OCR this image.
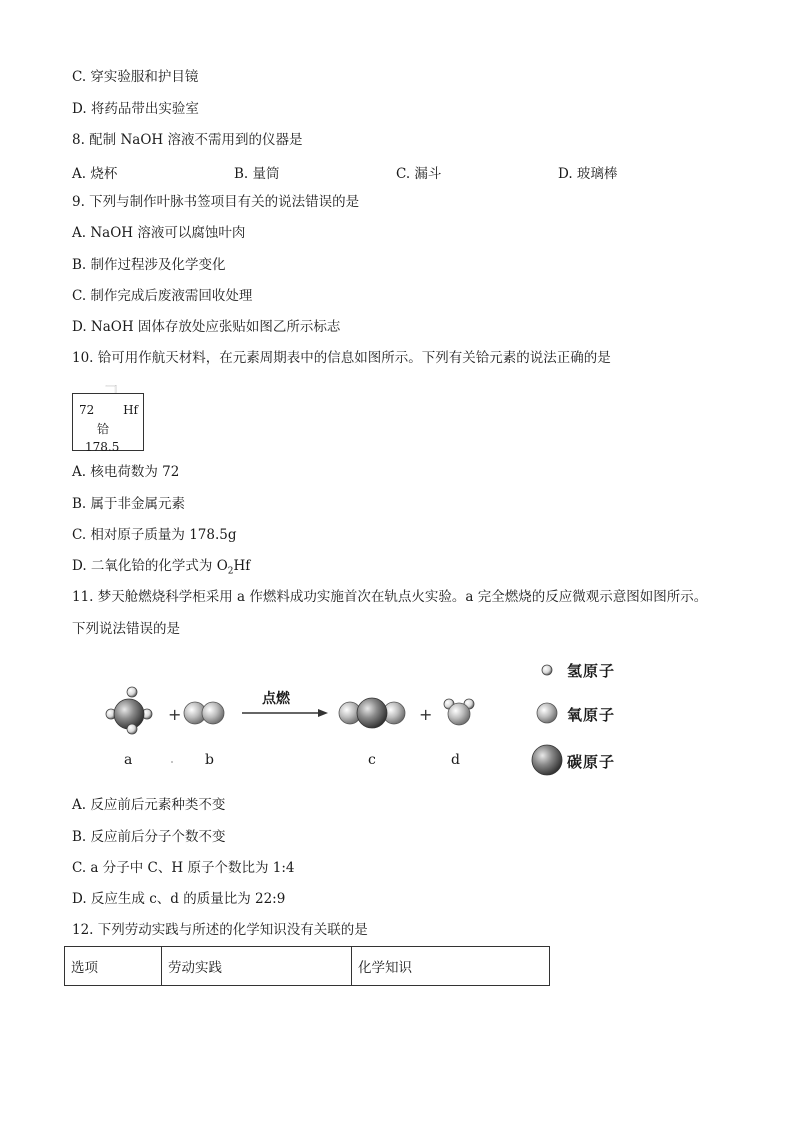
C. 穿实验服和护目镜
D. 将药品带出实验室
8. 配制 NaOH 溶液不需用到的仪器是
A. 烧杯	B. 量筒	C. 漏斗	D. 玻璃棒
9. 下列与制作叶脉书签项目有关的说法错误的是
A. NaOH 溶液可以腐蚀叶肉
B. 制作过程涉及化学变化
C. 制作完成后废液需回收处理
D. NaOH 固体存放处应张贴如图乙所示标志
10. 铪可用作航天材料，在元素周期表中的信息如图所示。下列有关铪元素的说法正确的是
72 Hf
铪
178.5
A. 核电荷数为 72
B. 属于非金属元素
C. 相对原子质量为 178.5g
D. 二氧化铪的化学式为 $O_2Hf$
11. 梦天舱燃烧科学柜采用 a 作燃料成功实施首次在轨点火实验。a 完全燃烧的反应微观示意图如图所示。
下列说法错误的是
+	+
点燃
a	b	c	d
氢原子
氧原子
碳原子
A. 反应前后元素种类不变
B. 反应前后分子个数不变
C. a 分子中 C、H 原子个数比为 1:4
D. 反应生成 c、d 的质量比为 22:9
12. 下列劳动实践与所述的化学知识没有关联的是
选项	劳动实践	化学知识
